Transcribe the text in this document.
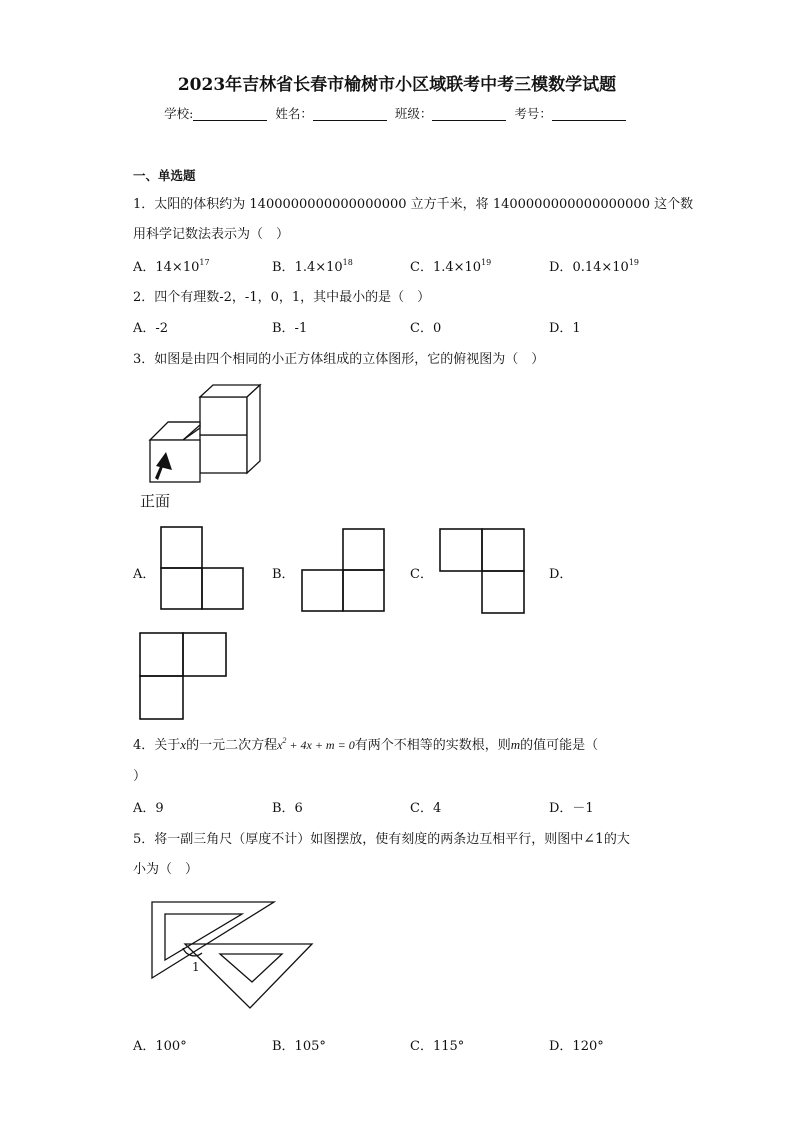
2023年吉林省长春市榆树市小区域联考中考三模数学试题
学校:	姓名：	班级：	考号：
一、单选题
1．太阳的体积约为 1400000000000000000 立方千米，将 1400000000000000000 这个数
用科学记数法表示为（　）
A．$14\times 10^{17}$	B．$1.4\times 10^{18}$	C．$1.4\times 10^{19}$	D．$0.14\times 10^{19}$
2．四个有理数-2，-1，0，1，其中最小的是（　）
A．-2	B．-1	C．0	D．1
3．如图是由四个相同的小正方体组成的立体图形，它的俯视图为（　）
正面
A．	B．	C．	D．
4．关于x的一元二次方程$x^2 + 4x + m = 0$有两个不相等的实数根，则m的值可能是（
）
A．9	B．6	C．4	D．－1
5．将一副三角尺（厚度不计）如图摆放，使有刻度的两条边互相平行，则图中∠1的大
小为（　）
1
A．100°	B．105°	C．115°	D．120°
